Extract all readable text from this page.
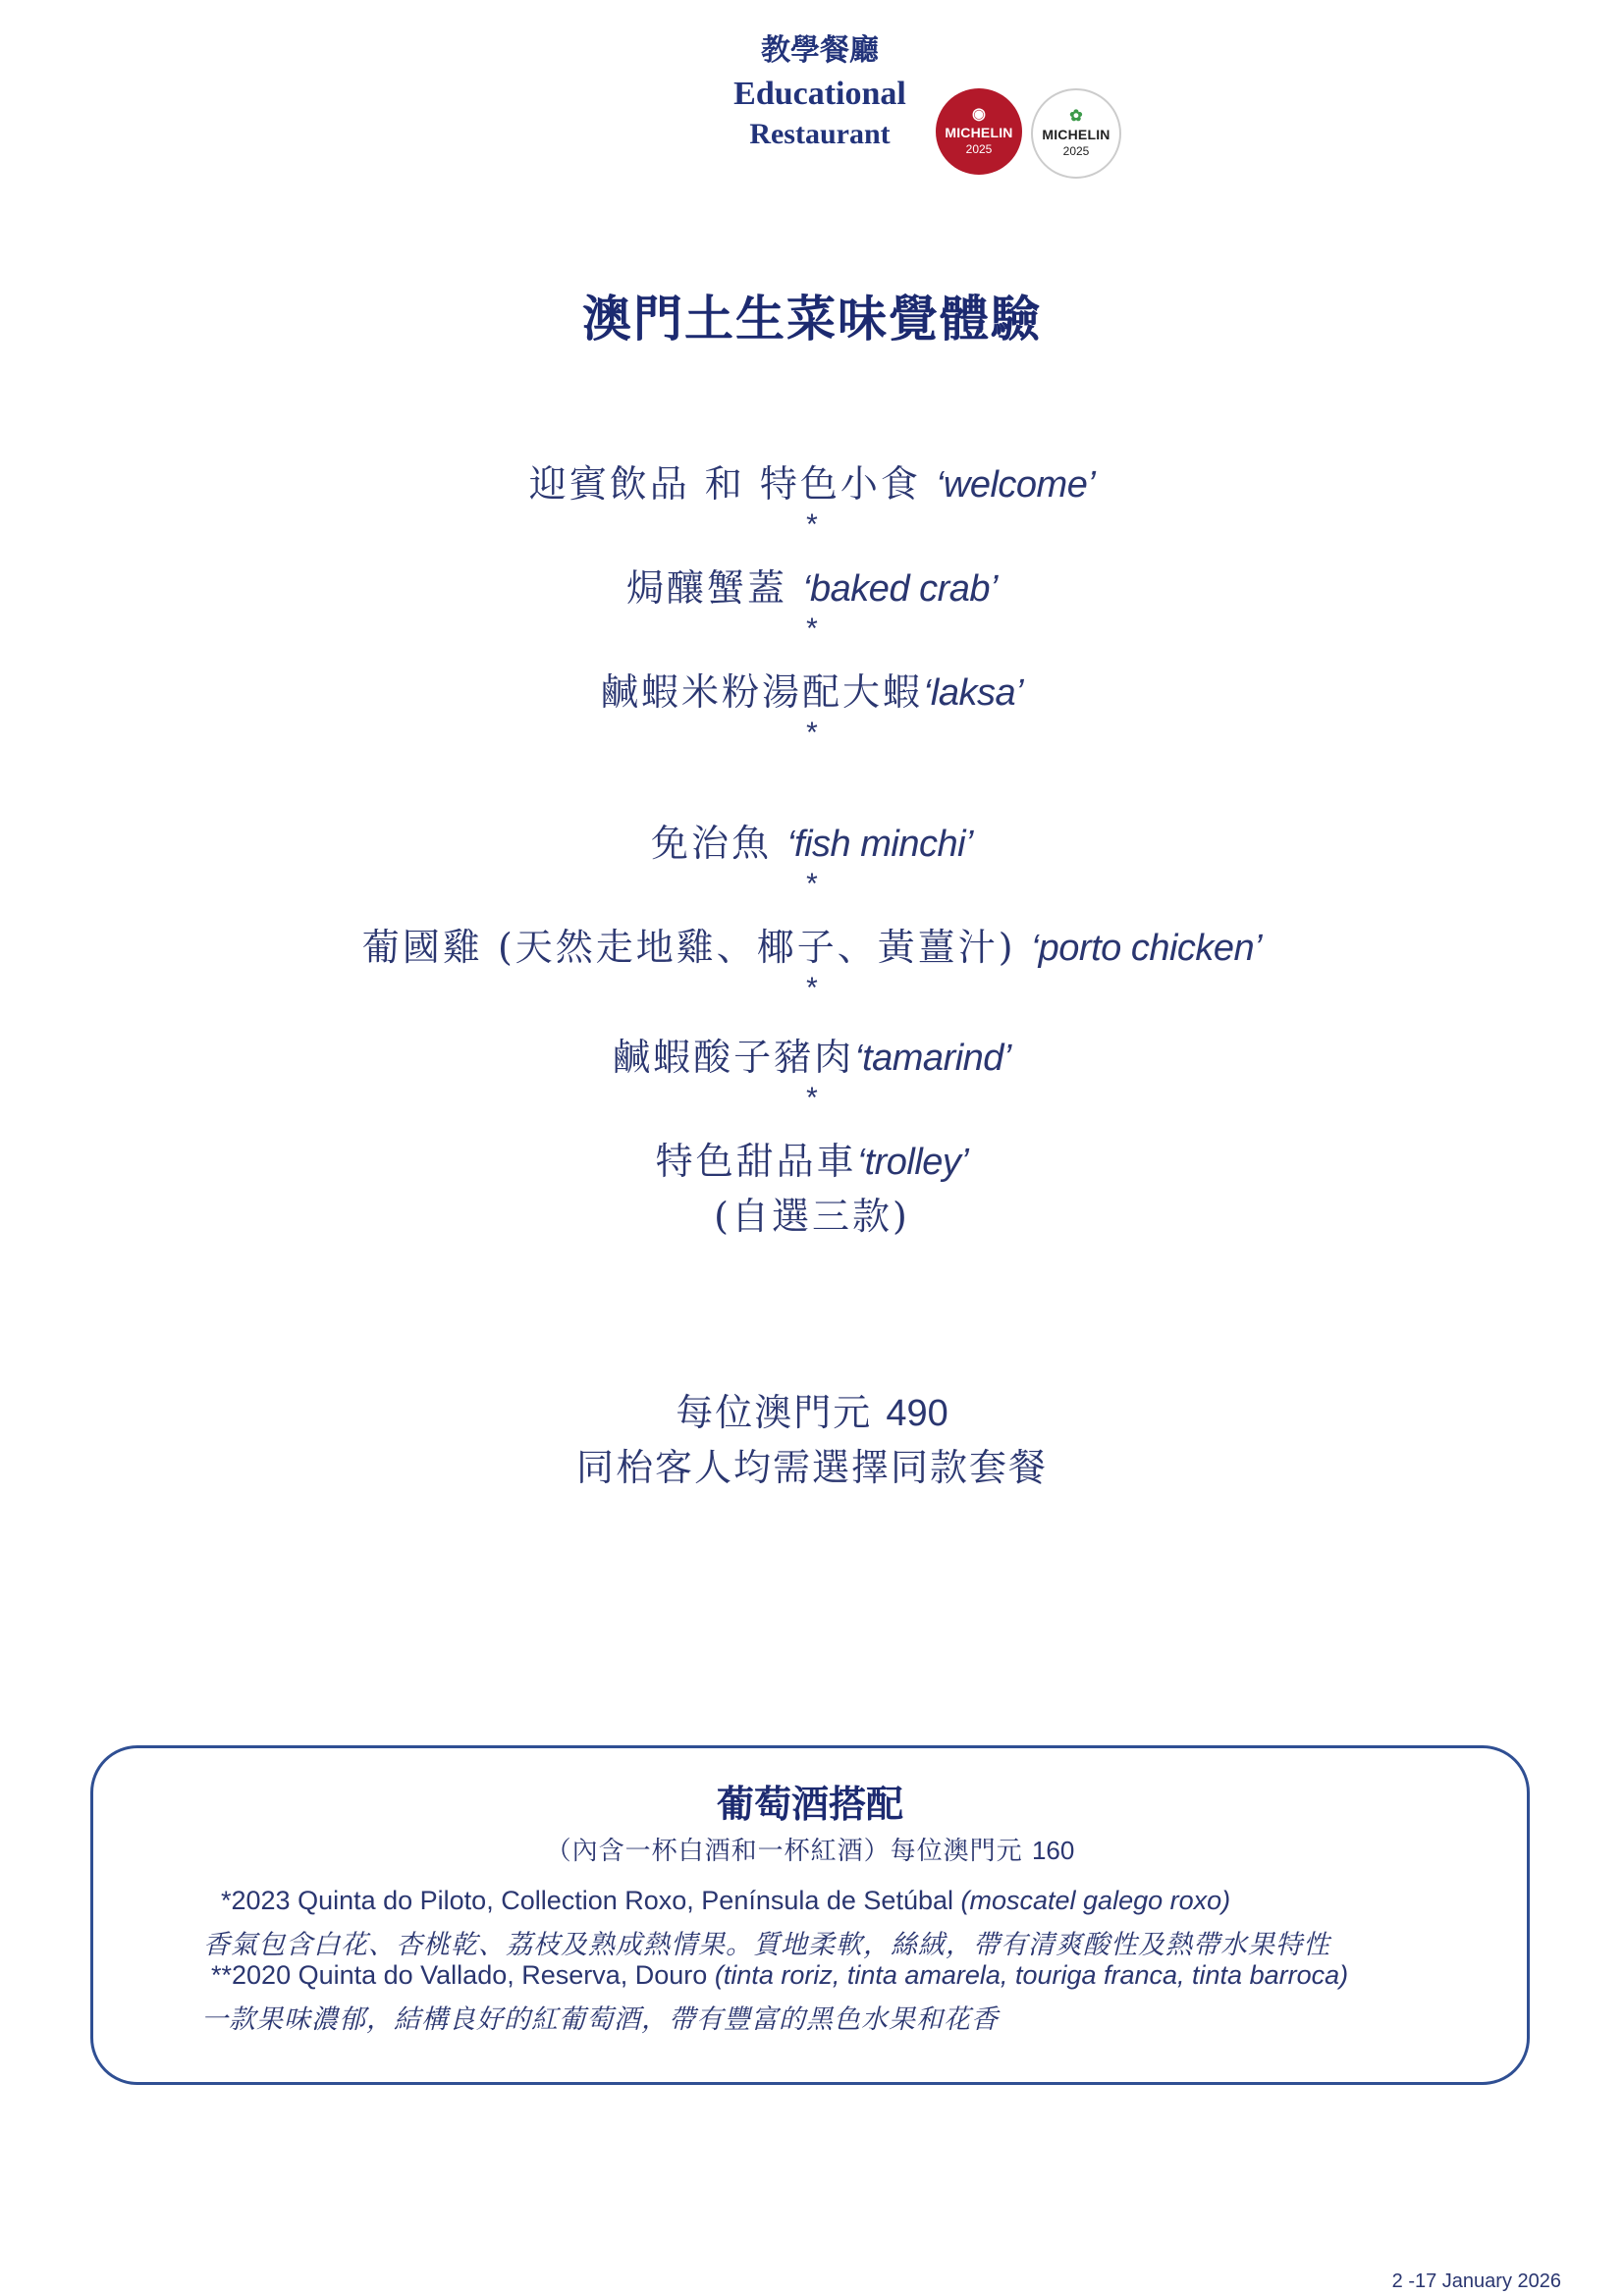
教學餐廳
Educational
Restaurant
◉
MICHELIN
2025
✿
MICHELIN
2025
澳門土生菜味覺體驗
迎賓飲品 和 特色小食 ‘welcome’
*
焗釀蟹蓋 ‘baked crab’
*
鹹蝦米粉湯配大蝦‘laksa’
*
免治魚 ‘fish minchi’
*
葡國雞 (天然走地雞、椰子、黃薑汁) ‘porto chicken’
*
鹹蝦酸子豬肉‘tamarind’
*
特色甜品車‘trolley’
(自選三款)
每位澳門元 490
同枱客人均需選擇同款套餐
葡萄酒搭配
（內含一杯白酒和一杯紅酒）每位澳門元 160
*2023 Quinta do Piloto, Collection Roxo, Península de Setúbal (moscatel galego roxo)
香氣包含白花、杏桃乾、荔枝及熟成熱情果。質地柔軟，絲絨，帶有清爽酸性及熱帶水果特性
**2020 Quinta do Vallado, Reserva, Douro (tinta roriz, tinta amarela, touriga franca, tinta barroca)
一款果味濃郁，結構良好的紅葡萄酒，帶有豐富的黑色水果和花香
2 -17 January 2026
